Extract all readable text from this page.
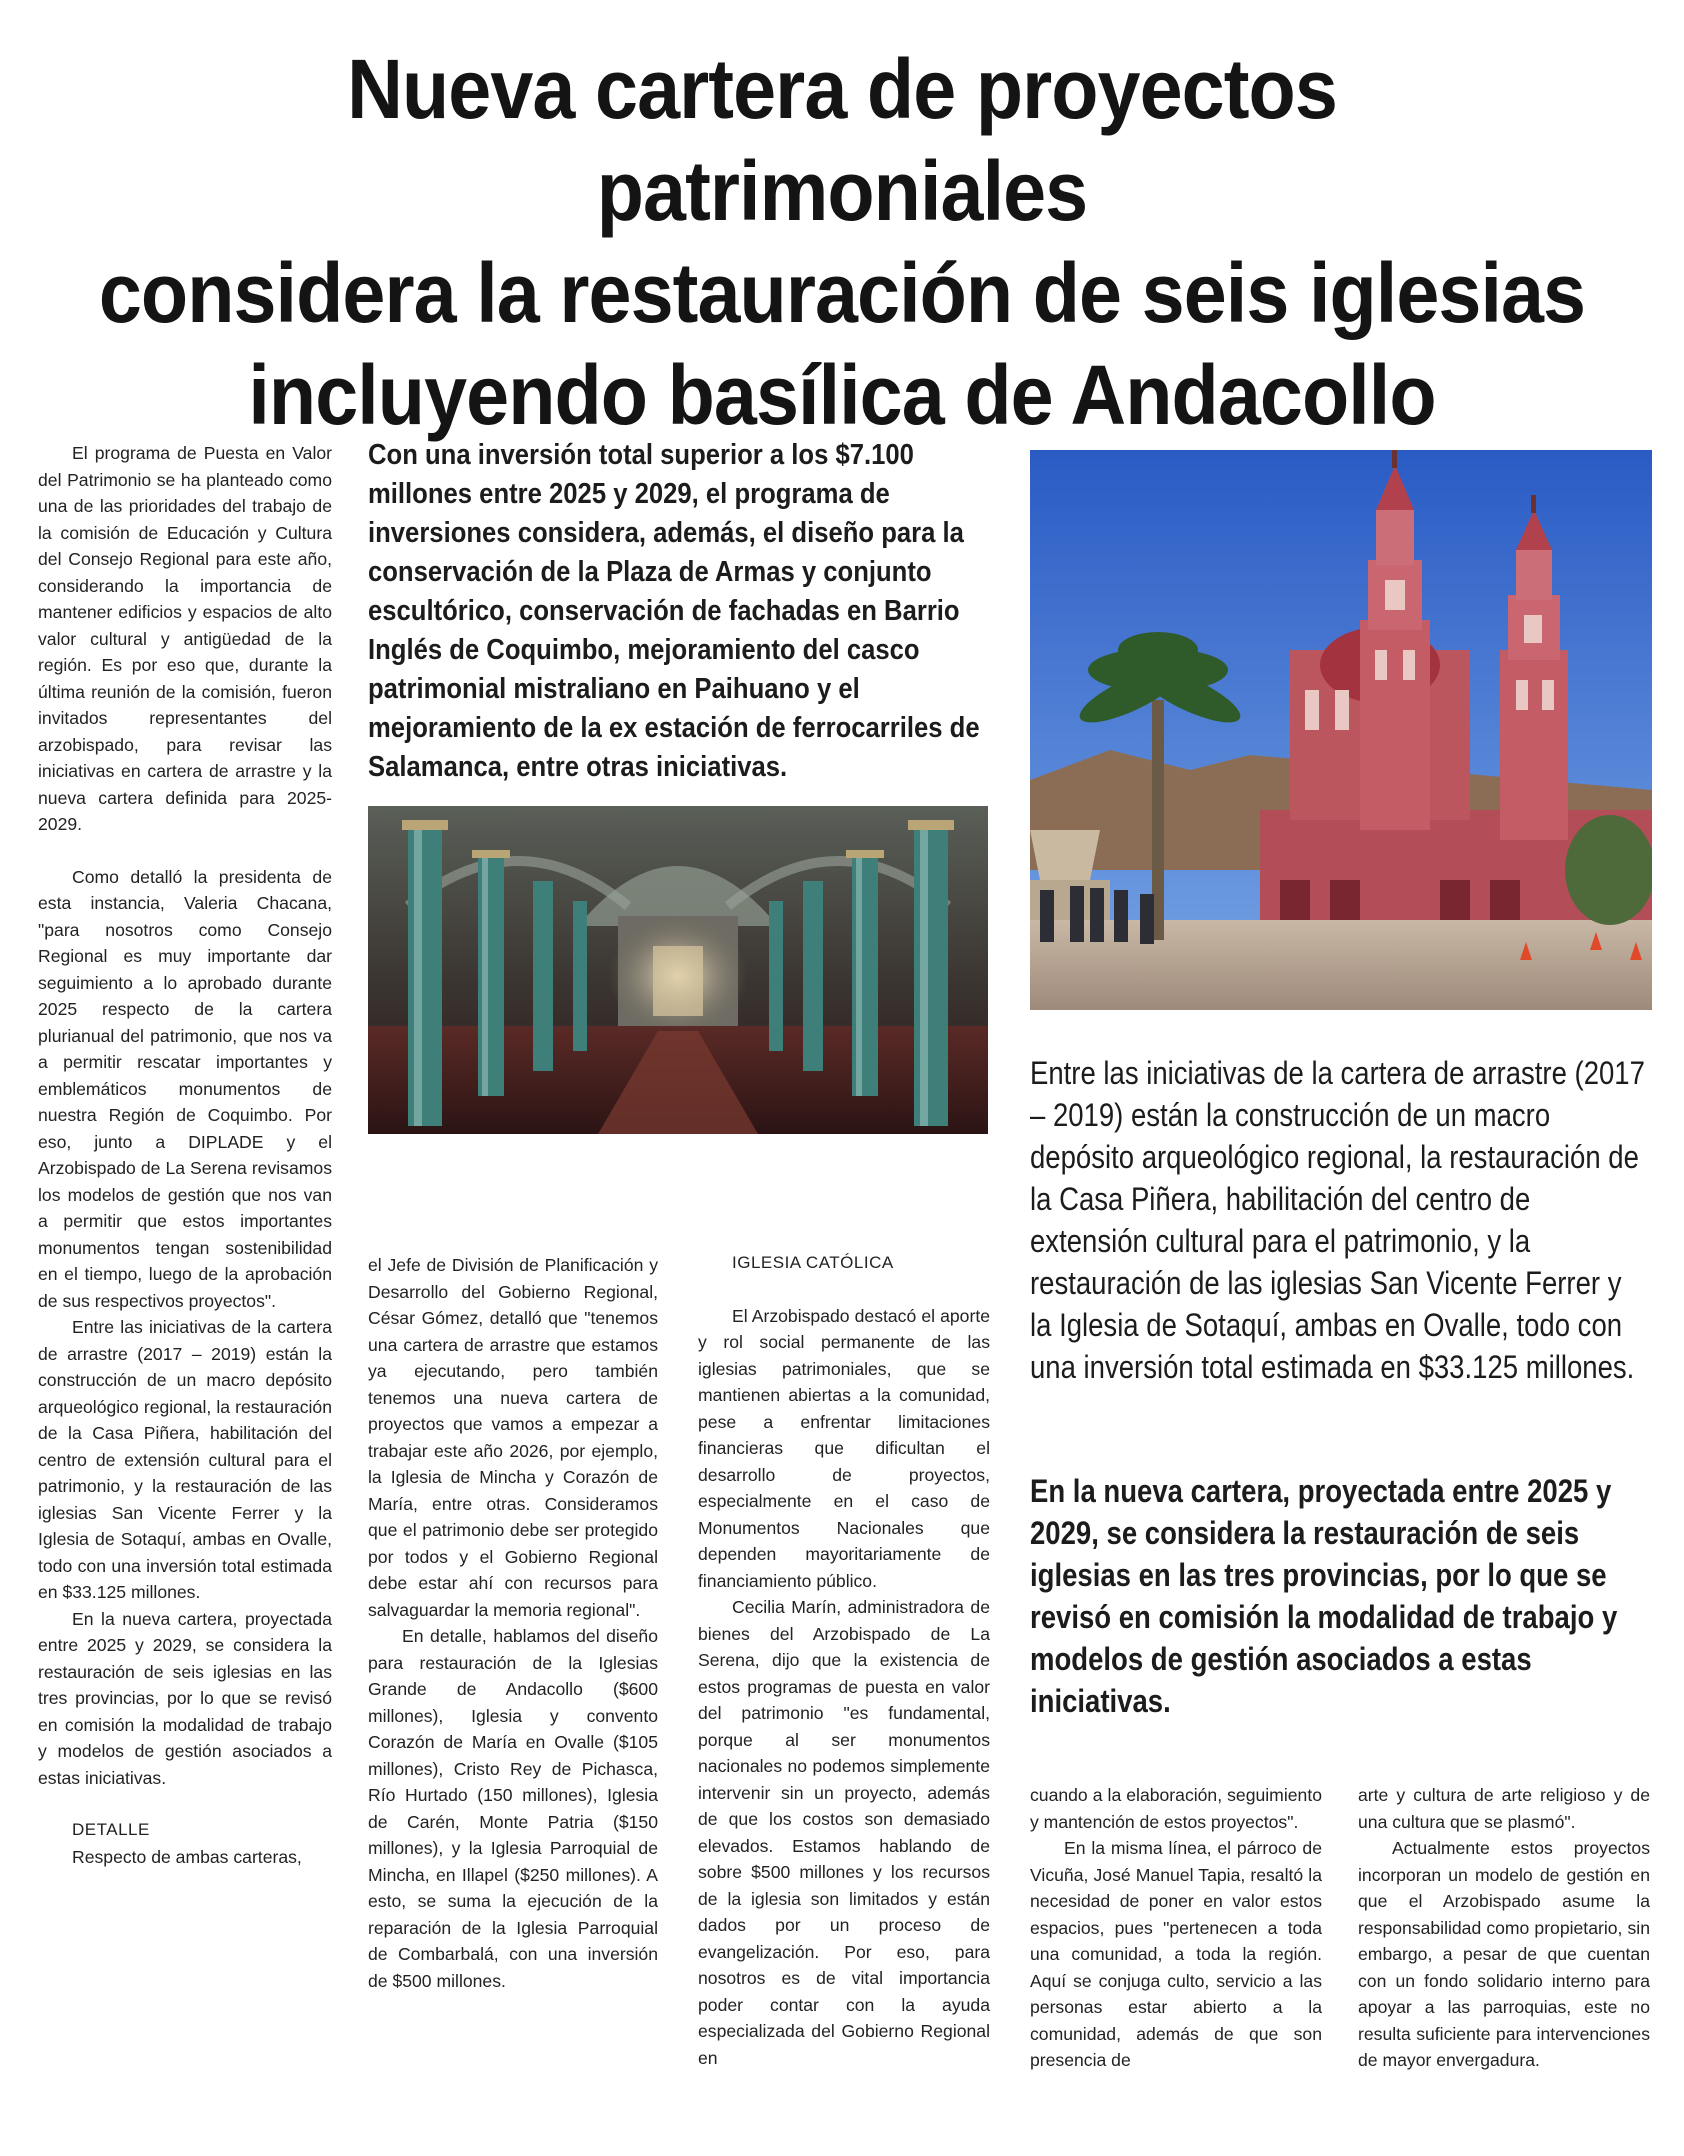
Nueva cartera de proyectos patrimoniales
considera la restauración de seis iglesias
incluyendo basílica de Andacollo

El programa de Puesta en Valor del Patrimonio se ha planteado como una de las prioridades del trabajo de la comisión de Educación y Cultura del Consejo Regional para este año, considerando la importancia de mantener edificios y espacios de alto valor cultural y antigüedad de la región. Es por eso que, durante la última reunión de la comisión, fueron invitados representantes del arzobispado, para revisar las iniciativas en cartera de arrastre y la nueva cartera definida para 2025-2029.

Como detalló la presidenta de esta instancia, Valeria Chacana, "para nosotros como Consejo Regional es muy importante dar seguimiento a lo aprobado durante 2025 respecto de la cartera plurianual del patrimonio, que nos va a permitir rescatar importantes y emblemáticos monumentos de nuestra Región de Coquimbo. Por eso, junto a DIPLADE y el Arzobispado de La Serena revisamos los modelos de gestión que nos van a permitir que estos importantes monumentos tengan sostenibilidad en el tiempo, luego de la aprobación de sus respectivos proyectos".

Entre las iniciativas de la cartera de arrastre (2017 – 2019) están la construcción de un macro depósito arqueológico regional, la restauración de la Casa Piñera, habilitación del centro de extensión cultural para el patrimonio, y la restauración de las iglesias San Vicente Ferrer y la Iglesia de Sotaquí, ambas en Ovalle, todo con una inversión total estimada en $33.125 millones.

En la nueva cartera, proyectada entre 2025 y 2029, se considera la restauración de seis iglesias en las tres provincias, por lo que se revisó en comisión la modalidad de trabajo y modelos de gestión asociados a estas iniciativas.

DETALLE

Respecto de ambas carteras,

Con una inversión total superior a los $7.100 millones entre 2025 y 2029, el programa de inversiones considera, además, el diseño para la conservación de la Plaza de Armas y conjunto escultórico, conservación de fachadas en Barrio Inglés de Coquimbo, mejoramiento del casco patrimonial mistraliano en Paihuano y el mejoramiento de la ex estación de ferrocarriles de Salamanca, entre otras iniciativas.

el Jefe de División de Planificación y Desarrollo del Gobierno Regional, César Gómez, detalló que "tenemos una cartera de arrastre que estamos ya ejecutando, pero también tenemos una nueva cartera de proyectos que vamos a empezar a trabajar este año 2026, por ejemplo, la Iglesia de Mincha y Corazón de María, entre otras. Consideramos que el patrimonio debe ser protegido por todos y el Gobierno Regional debe estar ahí con recursos para salvaguardar la memoria regional".

En detalle, hablamos del diseño para restauración de la Iglesias Grande de Andacollo ($600 millones), Iglesia y convento Corazón de María en Ovalle ($105 millones), Cristo Rey de Pichasca, Río Hurtado (150 millones), Iglesia de Carén, Monte Patria ($150 millones), y la Iglesia Parroquial de Mincha, en Illapel ($250 millones). A esto, se suma la ejecución de la reparación de la Iglesia Parroquial de Combarbalá, con una inversión de $500 millones.

IGLESIA CATÓLICA

El Arzobispado destacó el aporte y rol social permanente de las iglesias patrimoniales, que se mantienen abiertas a la comunidad, pese a enfrentar limitaciones financieras que dificultan el desarrollo de proyectos, especialmente en el caso de Monumentos Nacionales que dependen mayoritariamente de financiamiento público.

Cecilia Marín, administradora de bienes del Arzobispado de La Serena, dijo que la existencia de estos programas de puesta en valor del patrimonio "es fundamental, porque al ser monumentos nacionales no podemos simplemente intervenir sin un proyecto, además de que los costos son demasiado elevados. Estamos hablando de sobre $500 millones y los recursos de la iglesia son limitados y están dados por un proceso de evangelización. Por eso, para nosotros es de vital importancia poder contar con la ayuda especializada del Gobierno Regional en

Entre las iniciativas de la cartera de arrastre (2017 – 2019) están la construcción de un macro depósito arqueológico regional, la restauración de la Casa Piñera, habilitación del centro de extensión cultural para el patrimonio, y la restauración de las iglesias San Vicente Ferrer y la Iglesia de Sotaquí, ambas en Ovalle, todo con una inversión total estimada en $33.125 millones.
En la nueva cartera, proyectada entre 2025 y 2029, se considera la restauración de seis iglesias en las tres provincias, por lo que se revisó en comisión la modalidad de trabajo y modelos de gestión asociados a estas iniciativas.

cuando a la elaboración, seguimiento y mantención de estos proyectos".

En la misma línea, el párroco de Vicuña, José Manuel Tapia, resaltó la necesidad de poner en valor estos espacios, pues "pertenecen a toda una comunidad, a toda la región. Aquí se conjuga culto, servicio a las personas estar abierto a la comunidad, además de que son presencia de

arte y cultura de arte religioso y de una cultura que se plasmó".

Actualmente estos proyectos incorporan un modelo de gestión en que el Arzobispado asume la responsabilidad como propietario, sin embargo, a pesar de que cuentan con un fondo solidario interno para apoyar a las parroquias, este no resulta suficiente para intervenciones de mayor envergadura.
